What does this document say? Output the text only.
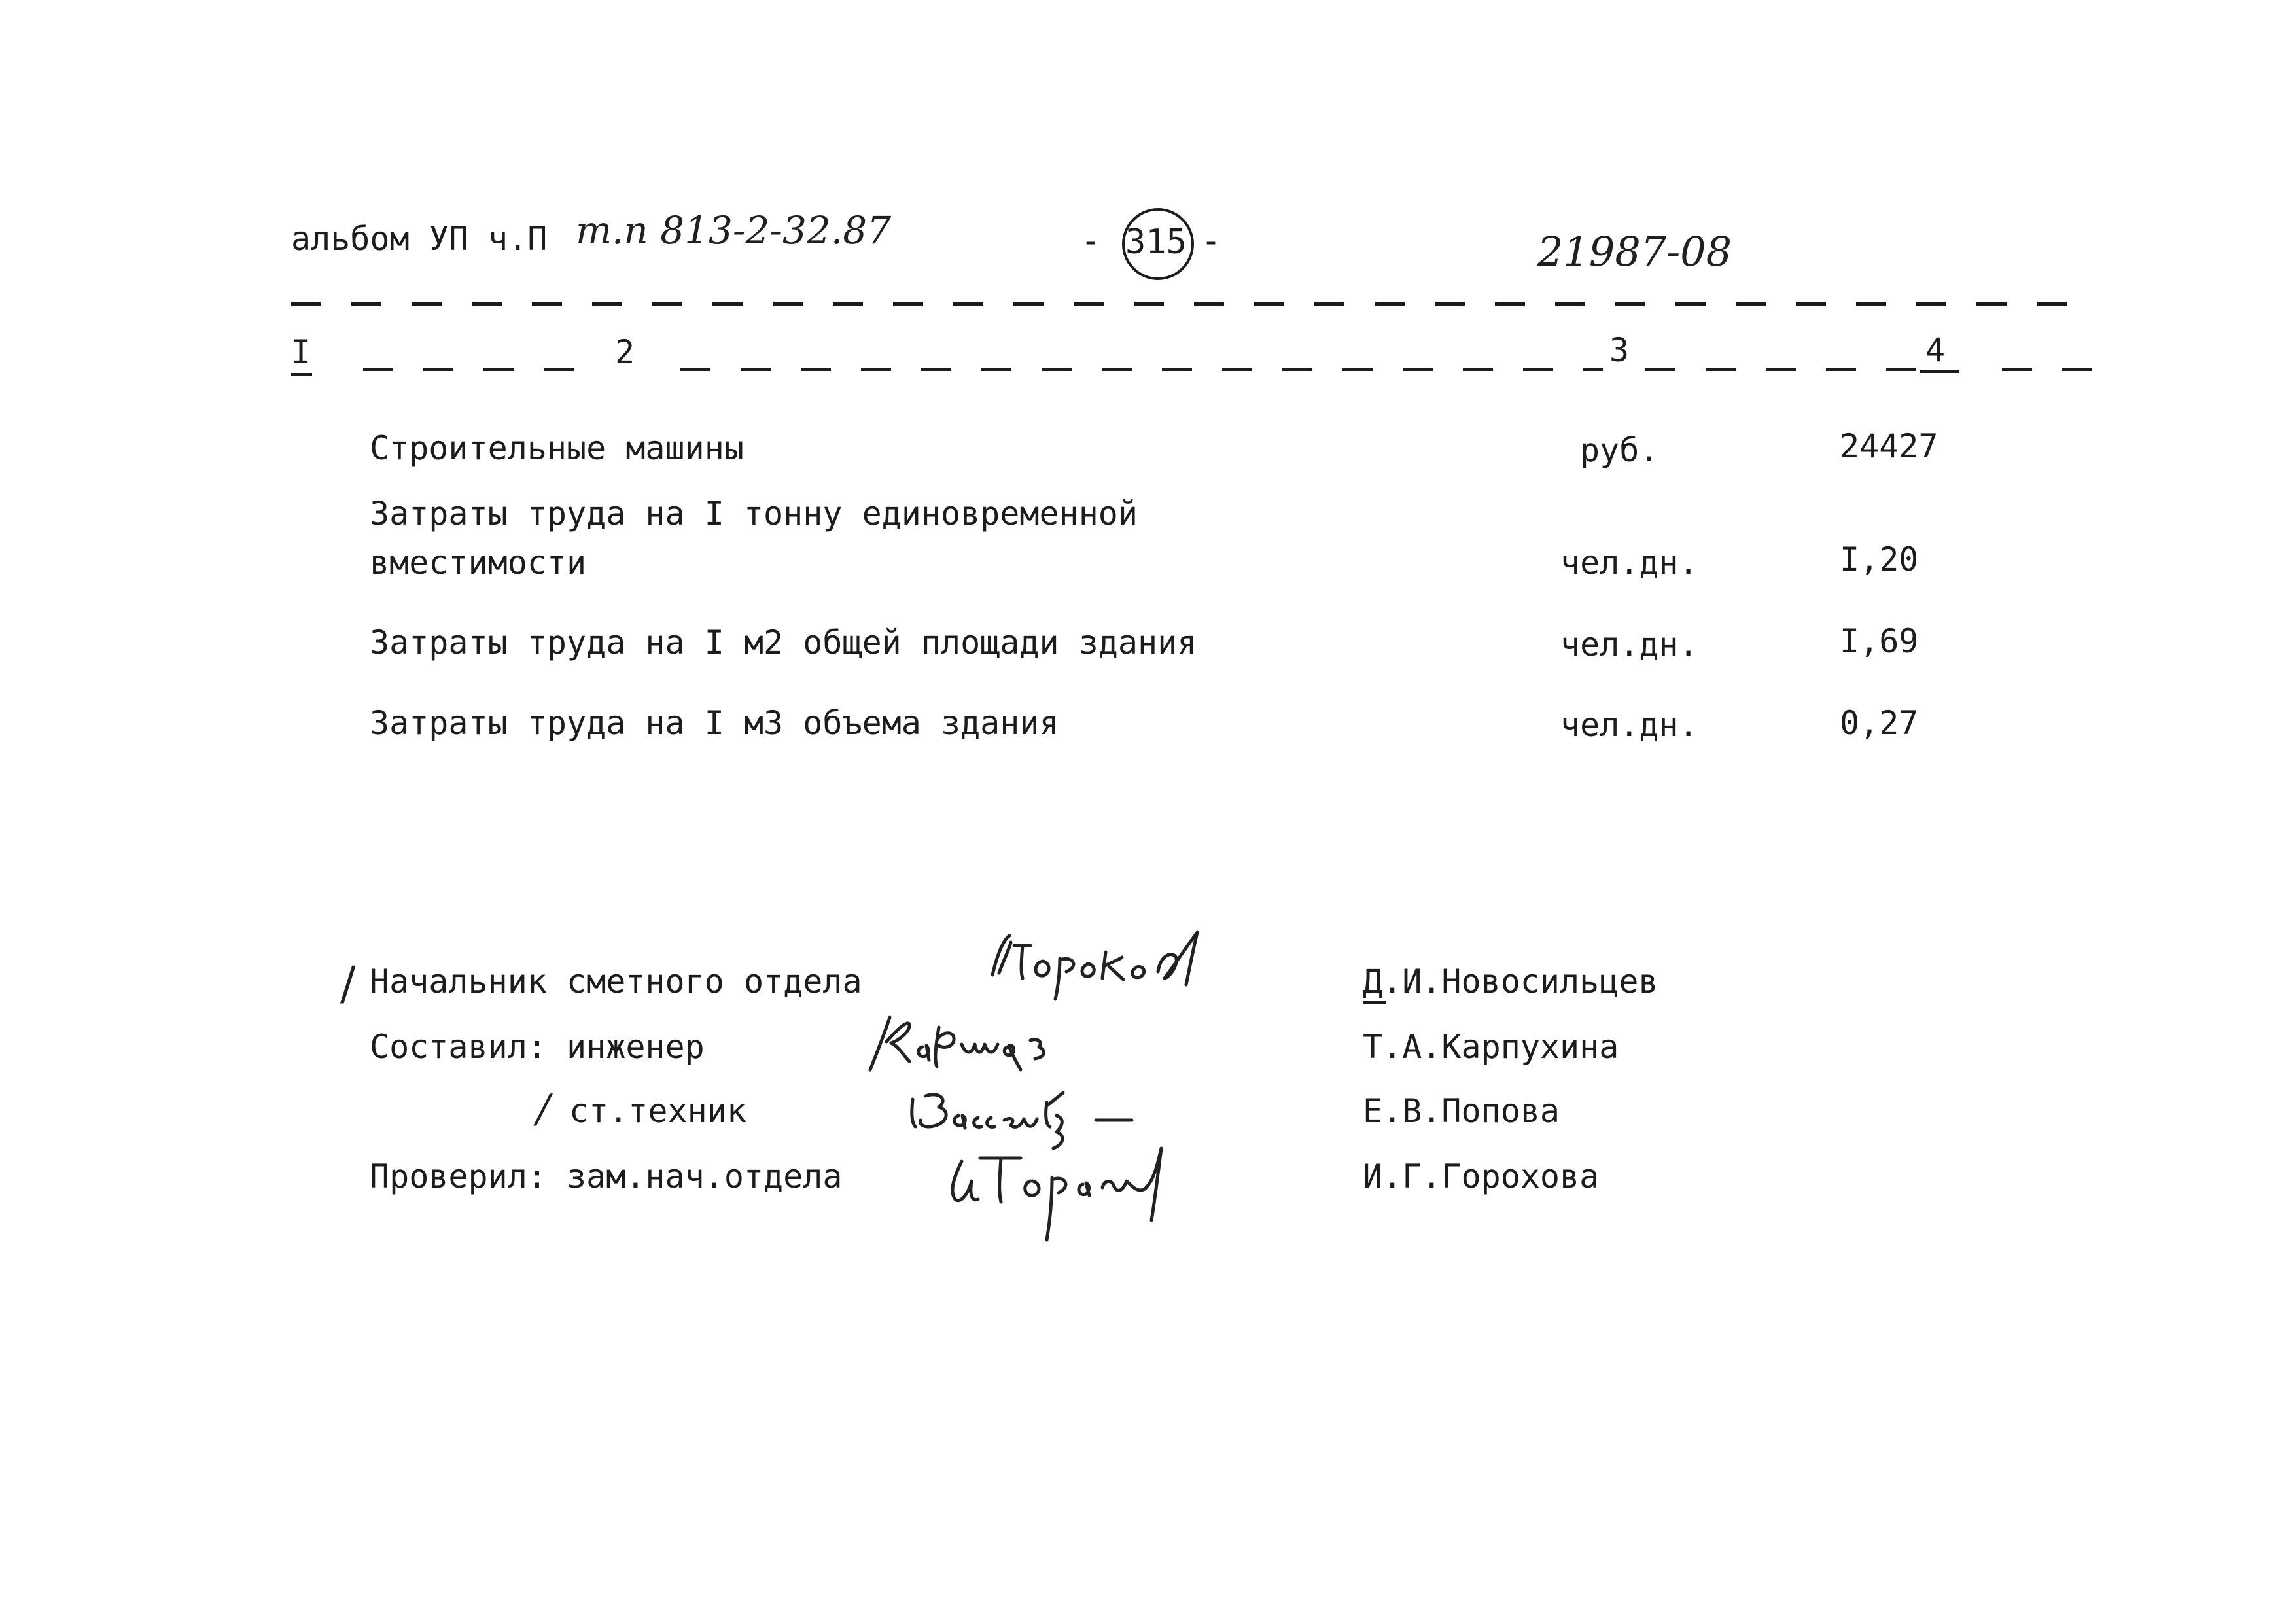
альбом УП ч.П т.п 813-2-32.87	- 315 -	21987-08
I	2	3	4
Строительные машины	руб.	24427
Затраты труда на I тонну единовременной
вместимости	чел.дн.	I,20
Затраты труда на I м2 общей площади здания	чел.дн.	I,69
Затраты труда на I м3 объема здания	чел.дн.	0,27
/ Начальник сметного отдела	Д.И.Новосильцев
Составил: инженер	Т.А.Карпухина
/ ст.техник	Е.В.Попова
Проверил: зам.нач.отдела	И.Г.Горохова
